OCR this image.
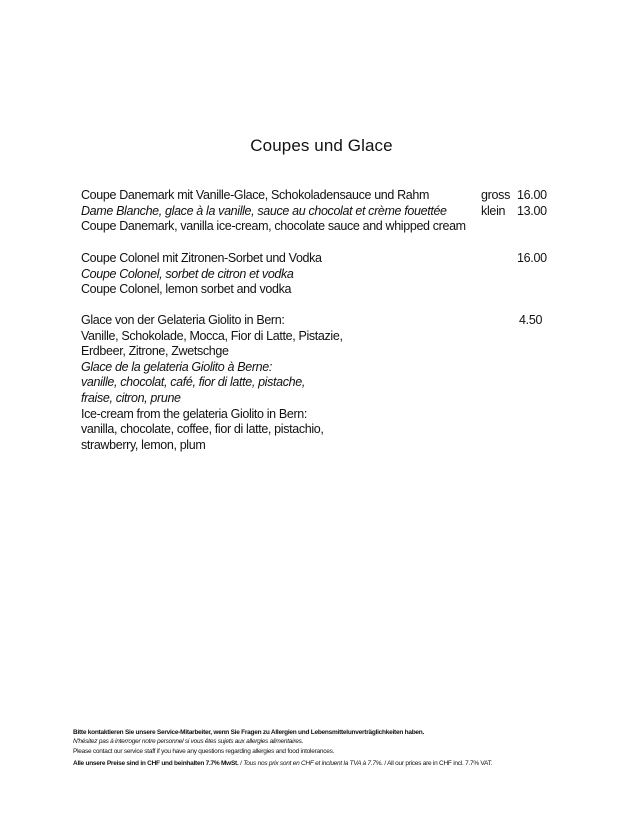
Coupes und Glace
Coupe Danemark mit Vanille-Glace, Schokoladensauce und Rahm
Dame Blanche, glace à la vanille, sauce au chocolat et crème fouettée
Coupe Danemark, vanilla ice-cream, chocolate sauce and whipped cream
gross 16.00
klein 13.00
Coupe Colonel mit Zitronen-Sorbet und Vodka
Coupe Colonel, sorbet de citron et vodka
Coupe Colonel, lemon sorbet and vodka
16.00
Glace von der Gelateria Giolito in Bern:
Vanille, Schokolade, Mocca, Fior di Latte, Pistazie,
Erdbeer, Zitrone, Zwetschge
Glace de la gelateria Giolito à Berne:
vanille, chocolat, café, fior di latte, pistache,
fraise, citron, prune
Ice-cream from the gelateria Giolito in Bern:
vanilla, chocolate, coffee, fior di latte, pistachio,
strawberry, lemon, plum
4.50
Bitte kontaktieren Sie unsere Service-Mitarbeiter, wenn Sie Fragen zu Allergien und Lebensmittelunverträglichkeiten haben.
N'hésitez pas à interroger notre personnel si vous êtes sujets aux allergies alimentaires.
Please contact our service staff if you have any questions regarding allergies and food intolerances.
Alle unsere Preise sind in CHF und beinhalten 7.7% MwSt. / Tous nos prix sont en CHF et incluent la TVA à 7.7%. / All our prices are in CHF incl. 7.7% VAT.
